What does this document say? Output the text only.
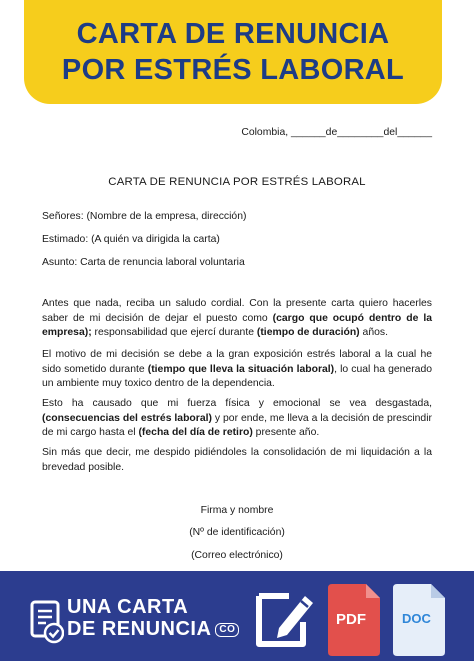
CARTA DE RENUNCIA
POR ESTRÉS LABORAL
Colombia, ______de________del______
CARTA DE RENUNCIA POR ESTRÉS LABORAL
Señores: (Nombre de la empresa, dirección)
Estimado: (A quién va dirigida la carta)
Asunto: Carta de renuncia laboral voluntaria
Antes que nada, reciba un saludo cordial. Con la presente carta quiero hacerles saber de mi decisión de dejar el puesto como (cargo que ocupó dentro de la empresa); responsabilidad que ejercí durante (tiempo de duración) años.
El motivo de mi decisión se debe a la gran exposición estrés laboral a la cual he sido sometido durante (tiempo que lleva la situación laboral), lo cual ha generado un ambiente muy toxico dentro de la dependencia.
Esto ha causado que mi fuerza física y emocional se vea desgastada, (consecuencias del estrés laboral) y por ende, me lleva a la decisión de prescindir de mi cargo hasta el (fecha del día de retiro) presente año.
Sin más que decir, me despido pidiéndoles la consolidación de mi liquidación a la brevedad posible.
Firma y nombre
(Nº de identificación)
(Correo electrónico)
UNA CARTA
DE RENUNCIA CO
PDF	DOC
